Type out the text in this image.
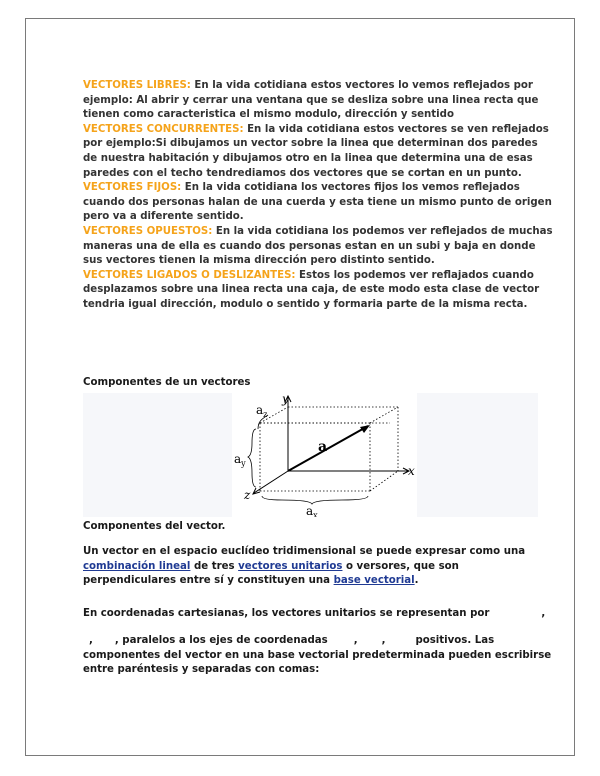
VECTORES LIBRES: En la vida cotidiana estos vectores lo vemos reflejados por ejemplo: Al abrir y cerrar una ventana que se desliza sobre una linea recta que tienen como caracteristica el mismo modulo, dirección y sentido

VECTORES CONCURRENTES: En la vida cotidiana estos vectores se ven reflejados por ejemplo:Si dibujamos un vector sobre la linea que determinan dos paredes de nuestra habitación y dibujamos otro en la linea que determina una de esas paredes con el techo tendrediamos dos vectores que se cortan en un punto.

VECTORES FIJOS: En la vida cotidiana los vectores fijos los vemos reflejados cuando dos personas halan de una cuerda y esta tiene un mismo punto de origen pero va a diferente sentido.

VECTORES OPUESTOS: En la vida cotidiana los podemos ver reflejados de muchas maneras una de ella es cuando dos personas estan en un subi y baja en donde sus vectores tienen la misma dirección pero distinto sentido.

VECTORES LIGADOS O DESLIZANTES: Estos los podemos ver reflajados cuando desplazamos sobre una linea recta una caja, de este modo esta clase de vector tendria igual dirección, modulo o sentido y formaria parte de la misma recta.

Componentes de un vectores
y
x
z
a
$a_z$
$a_y$
$a_x$
Componentes del vector.
Un vector en el espacio euclídeo tridimensional se puede expresar como una combinación lineal de tres vectores unitarios o versores, que son perpendiculares entre sí y constituyen una base vectorial.
En coordenadas cartesianas, los vectores unitarios se representan por	,
, , paralelos a los ejes de coordenadas	, ,	positivos. Las componentes del vector en una base vectorial predeterminada pueden escribirse entre paréntesis y separadas con comas:
